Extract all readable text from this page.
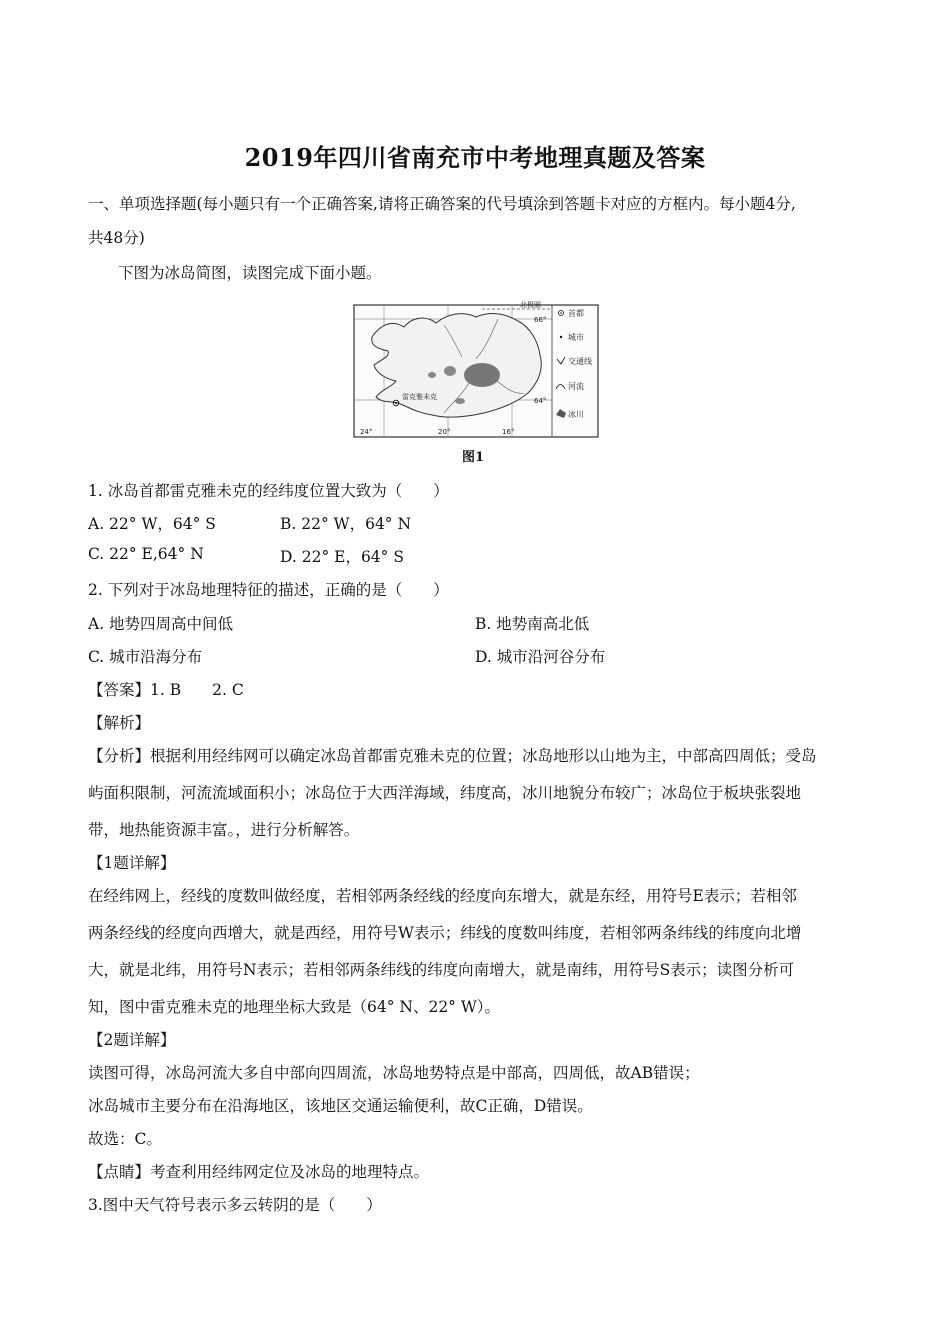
2019年四川省南充市中考地理真题及答案
一、单项选择题(每小题只有一个正确答案,请将正确答案的代号填涂到答题卡对应的方框内。每小题4分,
共48分)
下图为冰岛简图，读图完成下面小题。
雷克雅未克
北极圈
66°
64°
24°	20°	16°
首都
城市
交通线
河流
冰川
图1
1. 冰岛首都雷克雅未克的经纬度位置大致为（　　）
A. 22° W，64° S	B. 22° W，64° N
C. 22° E,64° N	D. 22° E，64° S
2. 下列对于冰岛地理特征的描述，正确的是（　　）
A. 地势四周高中间低	B. 地势南高北低
C. 城市沿海分布	D. 城市沿河谷分布
【答案】1. B　　2. C
【解析】
【分析】根据利用经纬网可以确定冰岛首都雷克雅未克的位置；冰岛地形以山地为主，中部高四周低；受岛
屿面积限制，河流流域面积小；冰岛位于大西洋海域，纬度高，冰川地貌分布较广；冰岛位于板块张裂地
带，地热能资源丰富。，进行分析解答。
【1题详解】
在经纬网上，经线的度数叫做经度，若相邻两条经线的经度向东增大，就是东经，用符号E表示；若相邻
两条经线的经度向西增大，就是西经，用符号W表示；纬线的度数叫纬度，若相邻两条纬线的纬度向北增
大，就是北纬，用符号N表示；若相邻两条纬线的纬度向南增大，就是南纬，用符号S表示；读图分析可
知，图中雷克雅未克的地理坐标大致是（64° N、22° W）。
【2题详解】
读图可得，冰岛河流大多自中部向四周流，冰岛地势特点是中部高，四周低，故AB错误；
冰岛城市主要分布在沿海地区，该地区交通运输便利，故C正确，D错误。
故选：C。
【点睛】考查利用经纬网定位及冰岛的地理特点。
3.图中天气符号表示多云转阴的是（　　）
